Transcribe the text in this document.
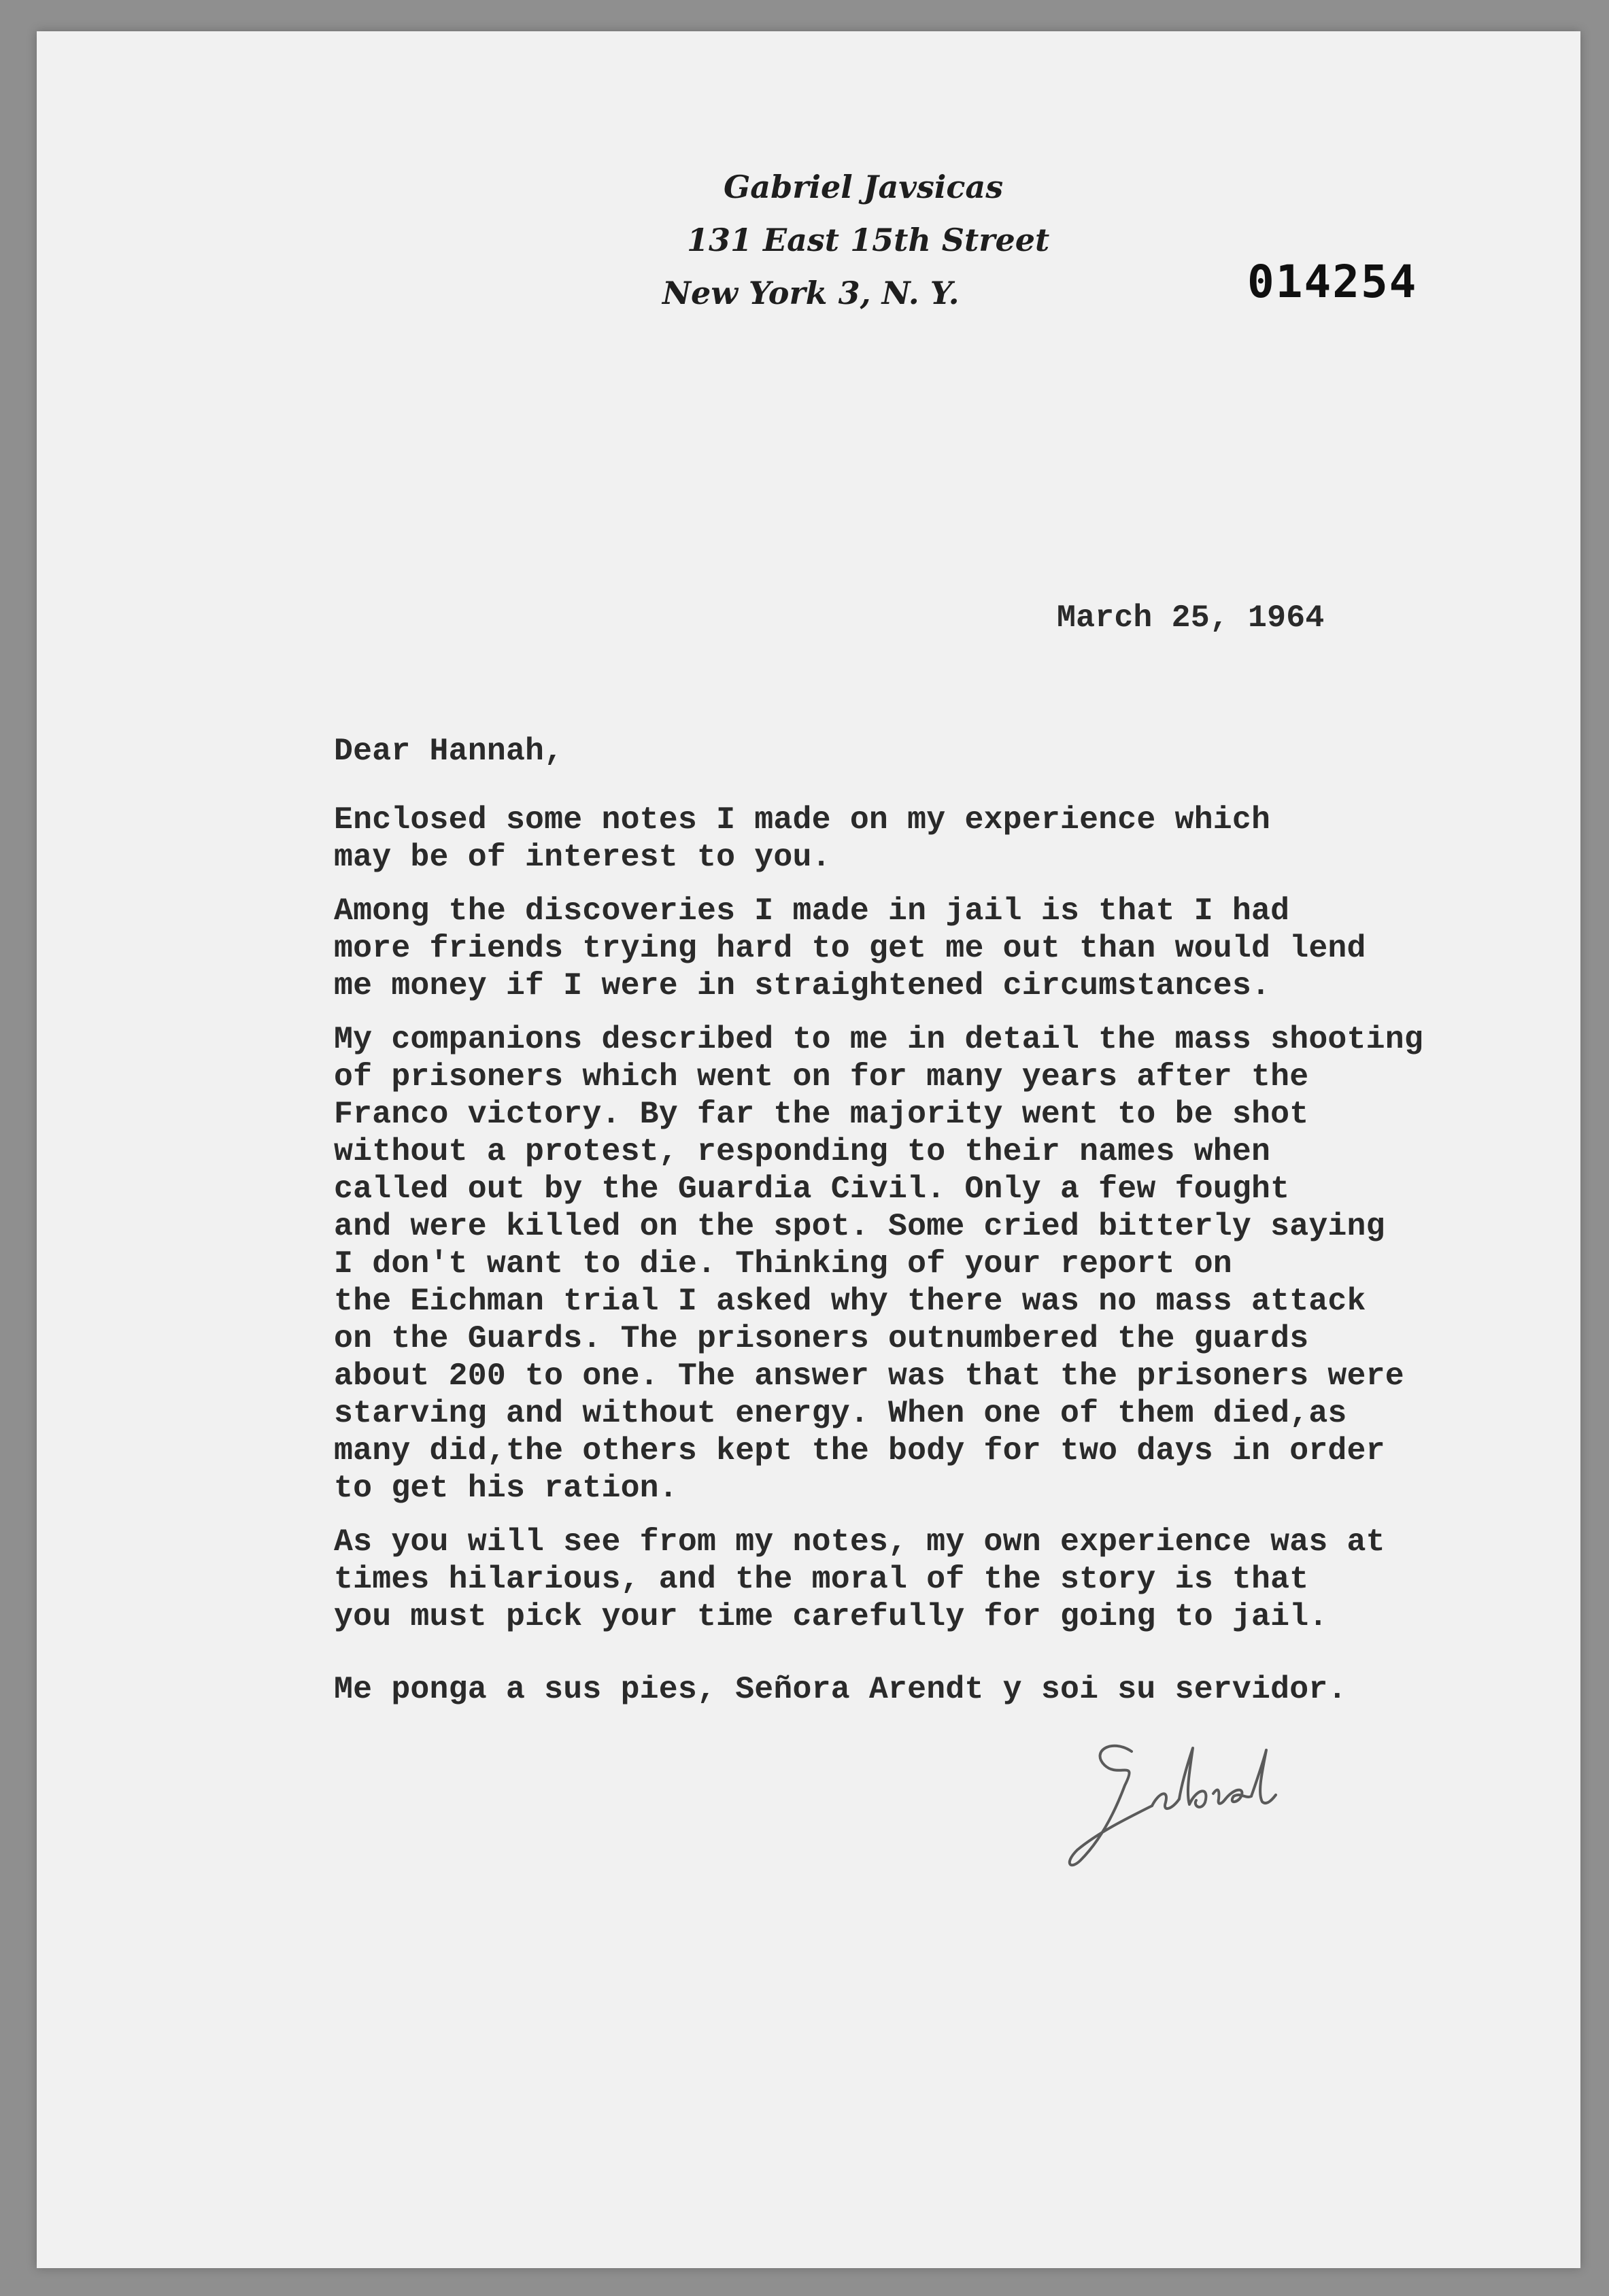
Gabriel Javsicas
131 East 15th Street
New York 3, N. Y.	014254
March 25, 1964
Dear Hannah,
Enclosed some notes I made on my experience which
may be of interest to you.
Among the discoveries I made in jail is that I had
more friends trying hard to get me out than would lend
me money if I were in straightened circumstances.
My companions described to me in detail the mass shooting
of prisoners which went on for many years after the
Franco victory. By far the majority went to be shot
without a protest, responding to their names when
called out by the Guardia Civil. Only a few fought
and were killed on the spot. Some cried bitterly saying
I don't want to die. Thinking of your report on
the Eichman trial I asked why there was no mass attack
on the Guards. The prisoners outnumbered the guards
about 200 to one. The answer was that the prisoners were
starving and without energy. When one of them died,as
many did,the others kept the body for two days in order
to get his ration.
As you will see from my notes, my own experience was at
times hilarious, and the moral of the story is that
you must pick your time carefully for going to jail.
Me ponga a sus pies, Señora Arendt y soi su servidor.
